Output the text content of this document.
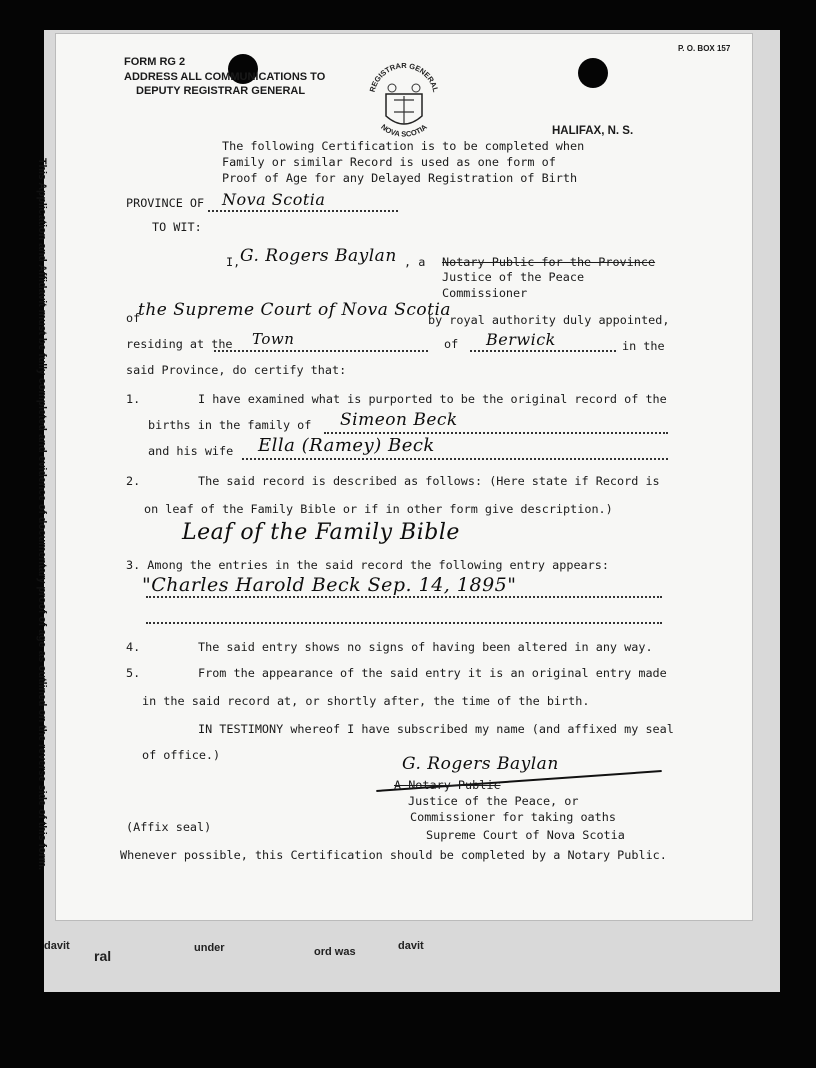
This Application and Affidavit must be fully completed and evidence of documentary proof of age as outlined on the reverse side of this form.
davit
ral	under	ord was	davit
FORM RG 2
ADDRESS ALL COMMUNICATIONS TO
DEPUTY REGISTRAR GENERAL
P. O. BOX 157
HALIFAX, N. S.
REGISTRAR GENERAL
NOVA SCOTIA
The following Certification is to be completed when
Family or similar Record is used as one form of
Proof of Age for any Delayed Registration of Birth
PROVINCE OF Nova Scotia
TO WIT:
I, G. Rogers Baylan , a Notary Public for the Province
Justice of the Peace
Commissioner
of
the Supreme Court of Nova Scotia
by royal authority duly appointed,
residing at the Town	of Berwick	in the
said Province, do certify that:
1.	I have examined what is purported to be the original record of the
births in the family of Simeon Beck
and his wife Ella (Ramey) Beck
2.	The said record is described as follows: (Here state if Record is
on leaf of the Family Bible or if in other form give description.)
Leaf of the Family Bible
3. Among the entries in the said record the following entry appears:
"Charles Harold Beck Sep. 14, 1895"
4.	The said entry shows no signs of having been altered in any way.
5.	From the appearance of the said entry it is an original entry made
in the said record at, or shortly after, the time of the birth.
IN TESTIMONY whereof I have subscribed my name (and affixed my seal
of office.)	G. Rogers Baylan
A Notary Public
Justice of the Peace, or
Commissioner for taking oaths
Supreme Court of Nova Scotia
(Affix seal)
Whenever possible, this Certification should be completed by a Notary Public.
